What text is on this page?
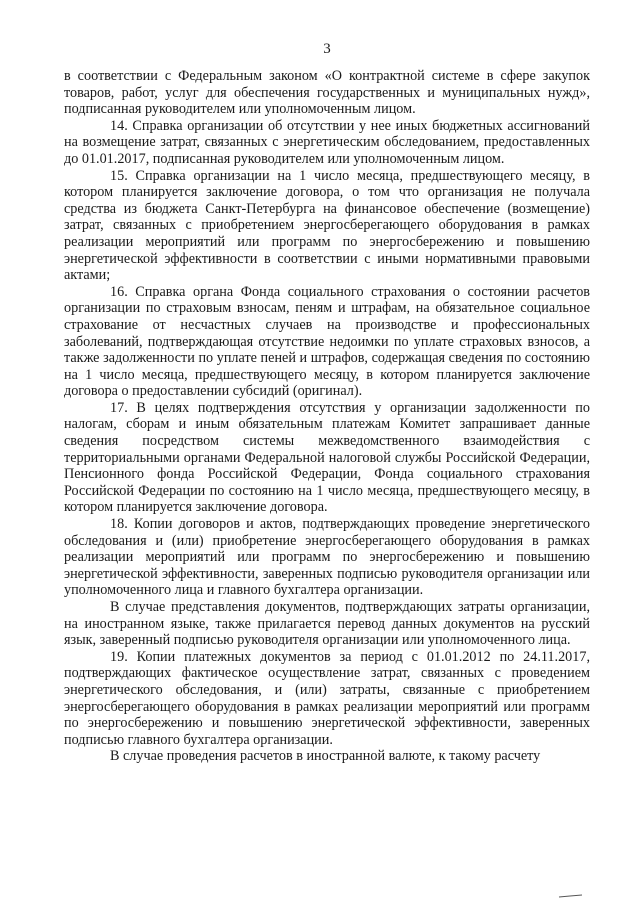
3

в соответствии с Федеральным законом «О контрактной системе в сфере закупок товаров, работ, услуг для обеспечения государственных и муниципальных нужд», подписанная руководителем или уполномоченным лицом.

14. Справка организации об отсутствии у нее иных бюджетных ассигнований на возмещение затрат, связанных с энергетическим обследованием, предоставленных до 01.01.2017, подписанная руководителем или уполномоченным лицом.

15. Справка организации на 1 число месяца, предшествующего месяцу, в котором планируется заключение договора, о том что организация не получала средства из бюджета Санкт-Петербурга на финансовое обеспечение (возмещение) затрат, связанных с приобретением энергосберегающего оборудования в рамках реализации мероприятий или программ по энергосбережению и повышению энергетической эффективности в соответствии с иными нормативными правовыми актами;

16. Справка органа Фонда социального страхования о состоянии расчетов организации по страховым взносам, пеням и штрафам, на обязательное социальное страхование от несчастных случаев на производстве и профессиональных заболеваний, подтверждающая отсутствие недоимки по уплате страховых взносов, а также задолженности по уплате пеней и штрафов, содержащая сведения по состоянию на 1 число месяца, предшествующего месяцу, в котором планируется заключение договора о предоставлении субсидий (оригинал).

17. В целях подтверждения отсутствия у организации задолженности по налогам, сборам и иным обязательным платежам Комитет запрашивает данные сведения посредством системы межведомственного взаимодействия с территориальными органами Федеральной налоговой службы Российской Федерации, Пенсионного фонда Российской Федерации, Фонда социального страхования Российской Федерации по состоянию на 1 число месяца, предшествующего месяцу, в котором планируется заключение договора.

18. Копии договоров и актов, подтверждающих проведение энергетического обследования и (или) приобретение энергосберегающего оборудования в рамках реализации мероприятий или программ по энергосбережению и повышению энергетической эффективности, заверенных подписью руководителя организации или уполномоченного лица и главного бухгалтера организации.

В случае представления документов, подтверждающих затраты организации, на иностранном языке, также прилагается перевод данных документов на русский язык, заверенный подписью руководителя организации или уполномоченного лица.

19. Копии платежных документов за период с 01.01.2012 по 24.11.2017, подтверждающих фактическое осуществление затрат, связанных с проведением энергетического обследования, и (или) затраты, связанные с приобретением энергосберегающего оборудования в рамках реализации мероприятий или программ по энергосбережению и повышению энергетической эффективности, заверенных подписью главного бухгалтера организации.

В случае проведения расчетов в иностранной валюте, к такому расчету
